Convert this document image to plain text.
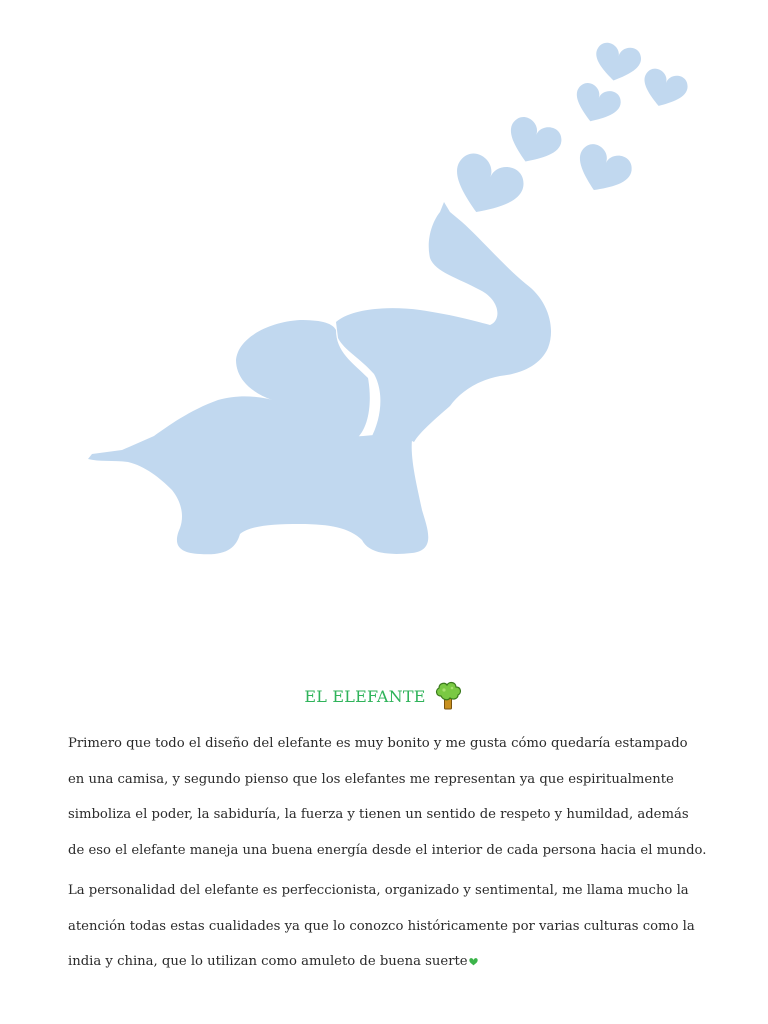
EL ELEFANTE

Primero que todo el diseño del elefante es muy bonito y me gusta cómo quedaría estampado en una camisa, y segundo pienso que los elefantes me representan ya que espiritualmente simboliza el poder, la sabiduría, la fuerza y tienen un sentido de respeto y humildad, además de eso el elefante maneja una buena energía desde el interior de cada persona hacia el mundo.

La personalidad del elefante es perfeccionista, organizado y sentimental, me llama mucho la atención todas estas cualidades ya que lo conozco históricamente por varias culturas como la india y china, que lo utilizan como amuleto de buena suerte
